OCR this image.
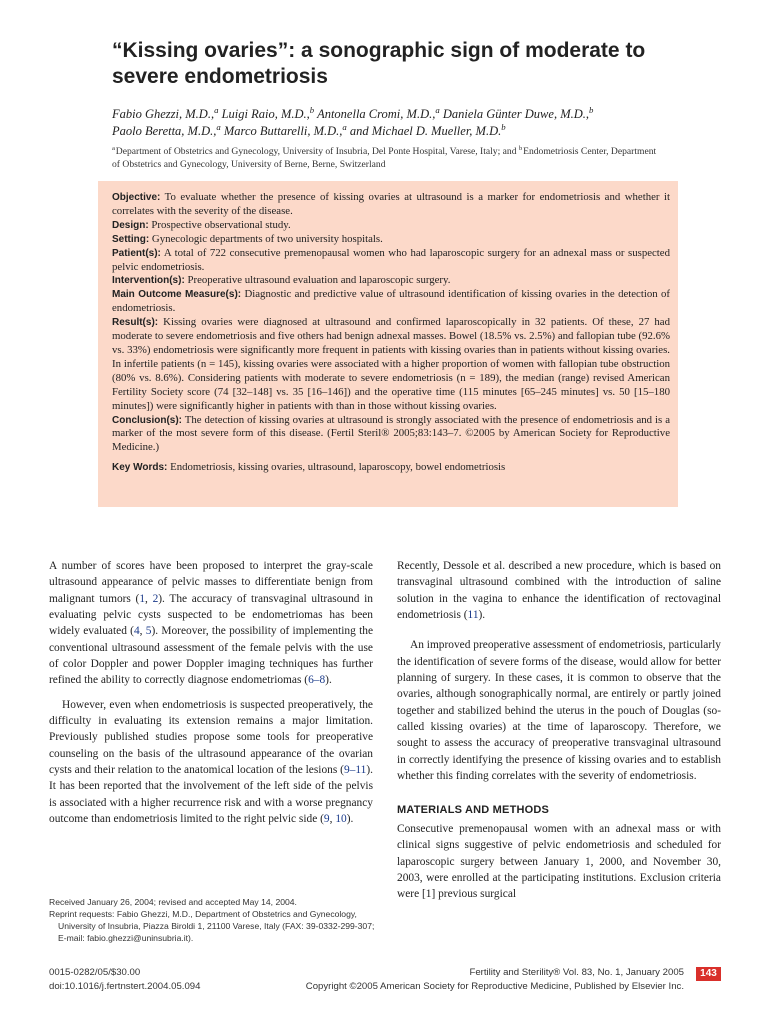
“Kissing ovaries”: a sonographic sign of moderate to severe endometriosis
Fabio Ghezzi, M.D.,$^a$ Luigi Raio, M.D.,$^b$ Antonella Cromi, M.D.,$^a$ Daniela Günter Duwe, M.D.,$^b$
Paolo Beretta, M.D.,$^a$ Marco Buttarelli, M.D.,$^a$ and Michael D. Mueller, M.D.$^b$
$^a$ Department of Obstetrics and Gynecology, University of Insubria, Del Ponte Hospital, Varese, Italy; and $^b$ Endometriosis Center, Department of Obstetrics and Gynecology, University of Berne, Berne, Switzerland

Objective: To evaluate whether the presence of kissing ovaries at ultrasound is a marker for endometriosis and whether it correlates with the severity of the disease.

Design: Prospective observational study.

Setting: Gynecologic departments of two university hospitals.

Patient(s): A total of 722 consecutive premenopausal women who had laparoscopic surgery for an adnexal mass or suspected pelvic endometriosis.

Intervention(s): Preoperative ultrasound evaluation and laparoscopic surgery.

Main Outcome Measure(s): Diagnostic and predictive value of ultrasound identification of kissing ovaries in the detection of endometriosis.

Result(s): Kissing ovaries were diagnosed at ultrasound and confirmed laparoscopically in 32 patients. Of these, 27 had moderate to severe endometriosis and five others had benign adnexal masses. Bowel (18.5% vs. 2.5%) and fallopian tube (92.6% vs. 33%) endometriosis were significantly more frequent in patients with kissing ovaries than in patients without kissing ovaries. In infertile patients (n = 145), kissing ovaries were associated with a higher proportion of women with fallopian tube obstruction (80% vs. 8.6%). Considering patients with moderate to severe endometriosis (n = 189), the median (range) revised American Fertility Society score (74 [32–148] vs. 35 [16–146]) and the operative time (115 minutes [65–245 minutes] vs. 50 [15–180 minutes]) were significantly higher in patients with than in those without kissing ovaries.

Conclusion(s): The detection of kissing ovaries at ultrasound is strongly associated with the presence of endometriosis and is a marker of the most severe form of this disease. (Fertil Steril® 2005;83:143–7. ©2005 by American Society for Reproductive Medicine.)

Key Words: Endometriosis, kissing ovaries, ultrasound, laparoscopy, bowel endometriosis

A number of scores have been proposed to interpret the gray-scale ultrasound appearance of pelvic masses to differentiate benign from malignant tumors (1, 2). The accuracy of transvaginal ultrasound in evaluating pelvic cysts suspected to be endometriomas has been widely evaluated (4, 5). Moreover, the possibility of implementing the conventional ultrasound assessment of the female pelvis with the use of color Doppler and power Doppler imaging techniques has further refined the ability to correctly diagnose endometriomas (6–8).

However, even when endometriosis is suspected preoperatively, the difficulty in evaluating its extension remains a major limitation. Previously published studies propose some tools for preoperative counseling on the basis of the ultrasound appearance of the ovarian cysts and their relation to the anatomical location of the lesions (9–11). It has been reported that the involvement of the left side of the pelvis is associated with a higher recurrence risk and with a worse pregnancy outcome than endometriosis limited to the right pelvic side (9, 10).

Recently, Dessole et al. described a new procedure, which is based on transvaginal ultrasound combined with the introduction of saline solution in the vagina to enhance the identification of rectovaginal endometriosis (11).

An improved preoperative assessment of endometriosis, particularly the identification of severe forms of the disease, would allow for better planning of surgery. In these cases, it is common to observe that the ovaries, although sonographically normal, are entirely or partly joined together and stabilized behind the uterus in the pouch of Douglas (so-called kissing ovaries) at the time of laparoscopy. Therefore, we sought to assess the accuracy of preoperative transvaginal ultrasound in correctly identifying the presence of kissing ovaries and to establish whether this finding correlates with the severity of endometriosis.

MATERIALS AND METHODS

Consecutive premenopausal women with an adnexal mass or with clinical signs suggestive of pelvic endometriosis and scheduled for laparoscopic surgery between January 1, 2000, and November 30, 2003, were enrolled at the participating institutions. Exclusion criteria were [1] previous surgical

Received January 26, 2004; revised and accepted May 14, 2004.

Reprint requests: Fabio Ghezzi, M.D., Department of Obstetrics and Gynecology, University of Insubria, Piazza Biroldi 1, 21100 Varese, Italy (FAX: 39-0332-299-307; E-mail: fabio.ghezzi@uninsubria.it).

0015-0282/05/$30.00
doi:10.1016/j.fertnstert.2004.05.094
Fertility and Sterility® Vol. 83, No. 1, January 2005
Copyright ©2005 American Society for Reproductive Medicine, Published by Elsevier Inc.
143
